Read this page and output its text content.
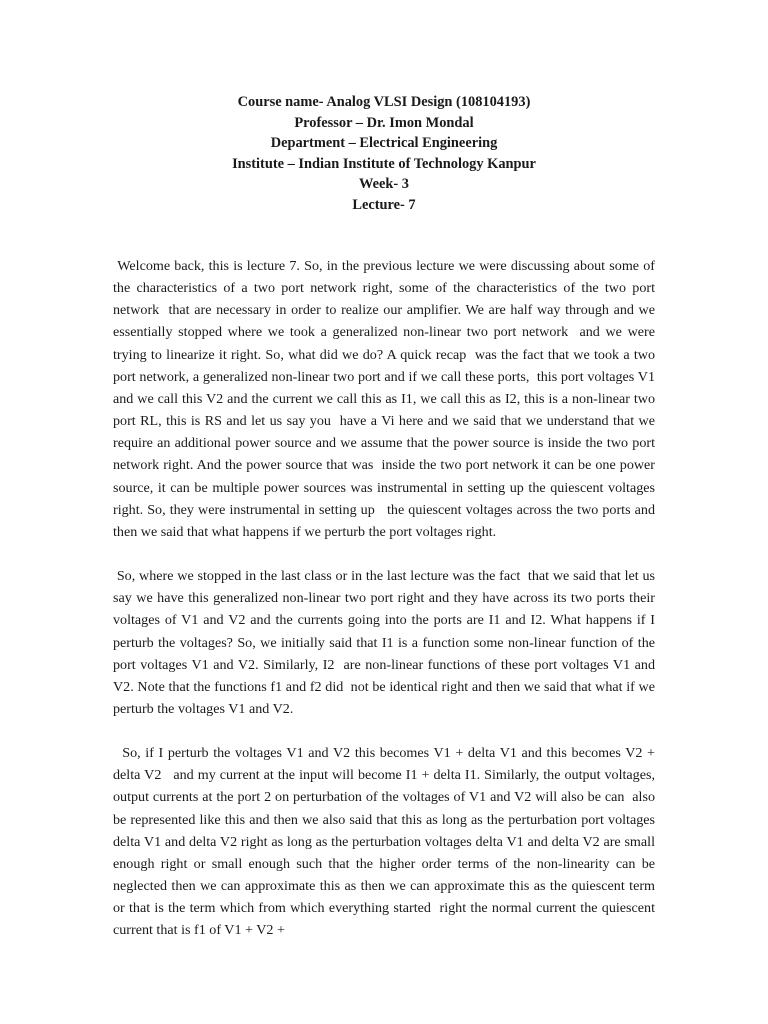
Course name- Analog VLSI Design (108104193)
Professor – Dr. Imon Mondal
Department – Electrical Engineering
Institute – Indian Institute of Technology Kanpur
Week- 3
Lecture- 7

Welcome back, this is lecture 7. So, in the previous lecture we were discussing about some of the characteristics of a two port network right, some of the characteristics of the two port network  that are necessary in order to realize our amplifier. We are half way through and we essentially stopped where we took a generalized non-linear two port network  and we were trying to linearize it right. So, what did we do? A quick recap  was the fact that we took a two port network, a generalized non-linear two port and if we call these ports,  this port voltages V1 and we call this V2 and the current we call this as I1, we call this as I2, this is a non-linear two port RL, this is RS and let us say you  have a Vi here and we said that we understand that we require an additional power source and we assume that the power source is inside the two port network right. And the power source that was  inside the two port network it can be one power source, it can be multiple power sources was instrumental in setting up the quiescent voltages right. So, they were instrumental in setting up   the quiescent voltages across the two ports and then we said that what happens if we perturb the port voltages right.

So, where we stopped in the last class or in the last lecture was the fact  that we said that let us say we have this generalized non-linear two port right and they have across its two ports their voltages of V1 and V2 and the currents going into the ports are I1 and I2. What happens if I perturb the voltages? So, we initially said that I1 is a function some non-linear function of the port voltages V1 and V2. Similarly, I2  are non-linear functions of these port voltages V1 and V2. Note that the functions f1 and f2 did  not be identical right and then we said that what if we perturb the voltages V1 and V2.

So, if I perturb the voltages V1 and V2 this becomes V1 + delta V1 and this becomes V2 + delta V2   and my current at the input will become I1 + delta I1. Similarly, the output voltages,  output currents at the port 2 on perturbation of the voltages of V1 and V2 will also be can  also be represented like this and then we also said that this as long as the perturbation port voltages delta V1 and delta V2 right as long as the perturbation voltages delta V1 and delta V2 are small enough right or small enough such that the higher order terms of the non-linearity can be neglected then we can approximate this as then we can approximate this as the quiescent term or that is the term which from which everything started  right the normal current the quiescent current that is f1 of V1 + V2 +
